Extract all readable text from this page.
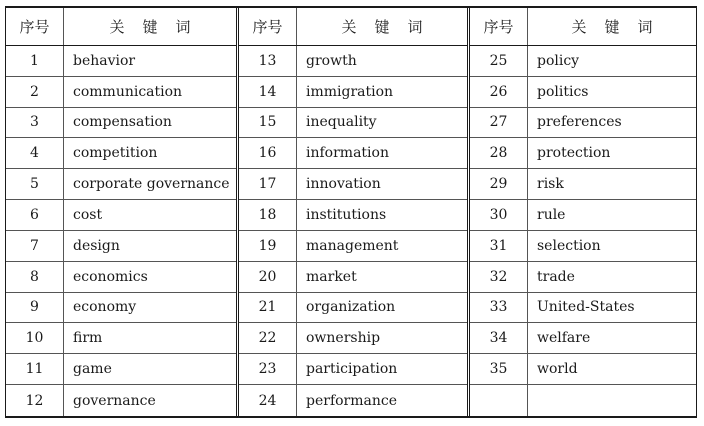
序号	关键词
1	behavior
2	communication
3	compensation
4	competition
5	corporate governance
6	cost
7	design
8	economics
9	economy
10	firm
11	game
12	governance
序号	关键词
13	growth
14	immigration
15	inequality
16	information
17	innovation
18	institutions
19	management
20	market
21	organization
22	ownership
23	participation
24	performance
序号	关键词
25	policy
26	politics
27	preferences
28	protection
29	risk
30	rule
31	selection
32	trade
33	United-States
34	welfare
35	world
